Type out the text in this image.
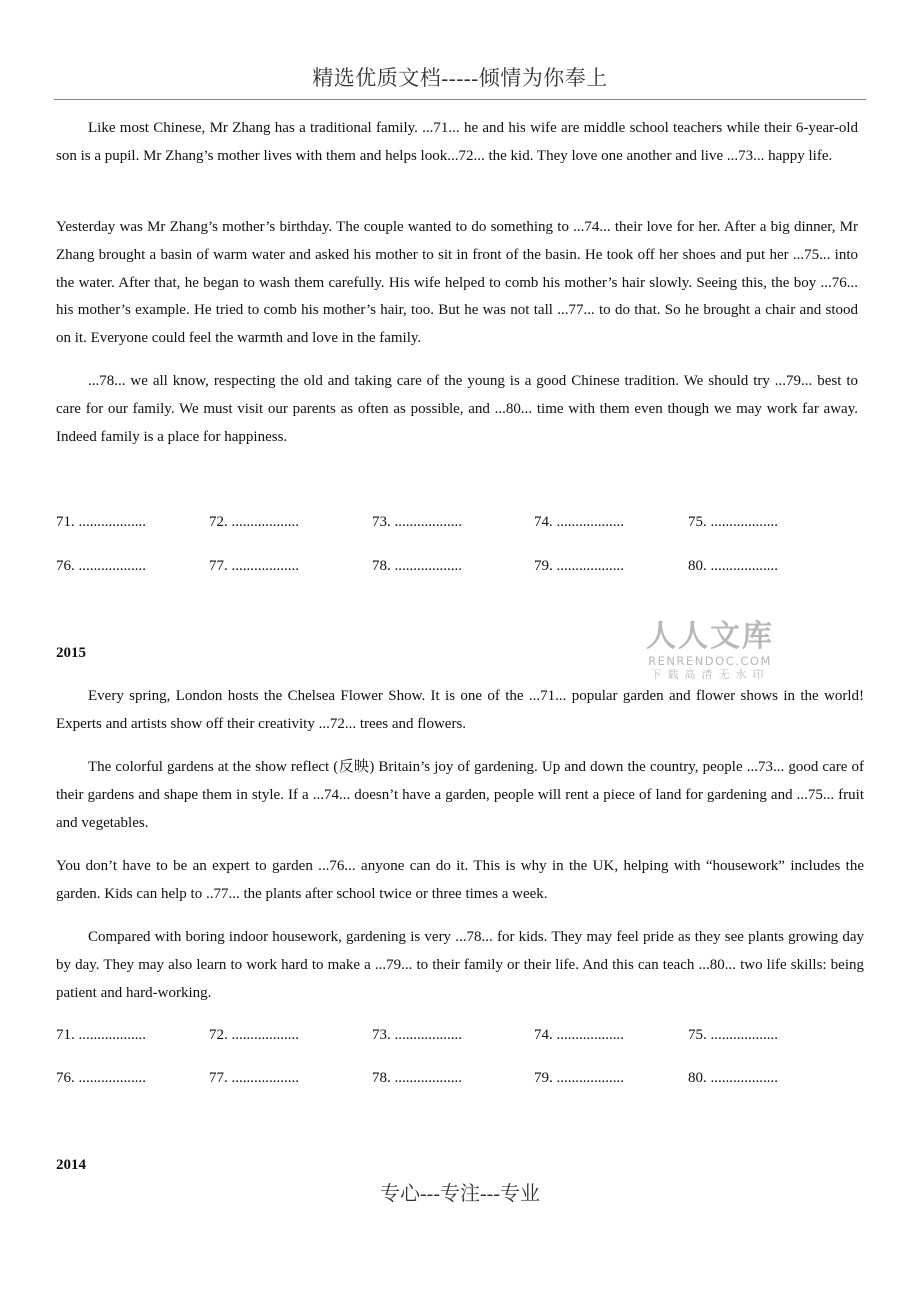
精选优质文档-----倾情为你奉上

Like most Chinese, Mr Zhang has a traditional family. ...71... he and his wife are middle school teachers while their 6-year-old son is a pupil. Mr Zhang’s mother lives with them and helps look...72... the kid. They love one another and live ...73... happy life.

Yesterday was Mr Zhang’s mother’s birthday. The couple wanted to do something to ...74... their love for her. After a big dinner, Mr Zhang brought a basin of warm water and asked his mother to sit in front of the basin. He took off her shoes and put her ...75... into the water. After that, he began to wash them carefully. His wife helped to comb his mother’s hair slowly. Seeing this, the boy ...76... his mother’s example. He tried to comb his mother’s hair, too. But he was not tall ...77... to do that. So he brought a chair and stood on it. Everyone could feel the warmth and love in the family.

...78... we all know, respecting the old and taking care of the young is a good Chinese tradition. We should try ...79... best to care for our family. We must visit our parents as often as possible, and ...80... time with them even though we may work far away. Indeed family is a place for happiness.

71. ..................	72. ..................	73. ..................	74. ..................	75. ..................
76. ..................	77. ..................	78. ..................	79. ..................	80. ..................
人人文库
RENRENDOC.COM
下载高清无水印
2015

Every spring, London hosts the Chelsea Flower Show. It is one of the ...71... popular garden and flower shows in the world! Experts and artists show off their creativity ...72... trees and flowers.

The colorful gardens at the show reflect (反映) Britain’s joy of gardening. Up and down the country, people ...73... good care of their gardens and shape them in style. If a ...74... doesn’t have a garden, people will rent a piece of land for gardening and ...75... fruit and vegetables.

You don’t have to be an expert to garden ...76... anyone can do it. This is why in the UK, helping with “housework” includes the garden. Kids can help to ..77... the plants after school twice or three times a week.

Compared with boring indoor housework, gardening is very ...78... for kids. They may feel pride as they see plants growing day by day. They may also learn to work hard to make a ...79... to their family or their life. And this can teach ...80... two life skills: being patient and hard-working.

71. ..................	72. ..................	73. ..................	74. ..................	75. ..................
76. ..................	77. ..................	78. ..................	79. ..................	80. ..................
2014
专心---专注---专业
